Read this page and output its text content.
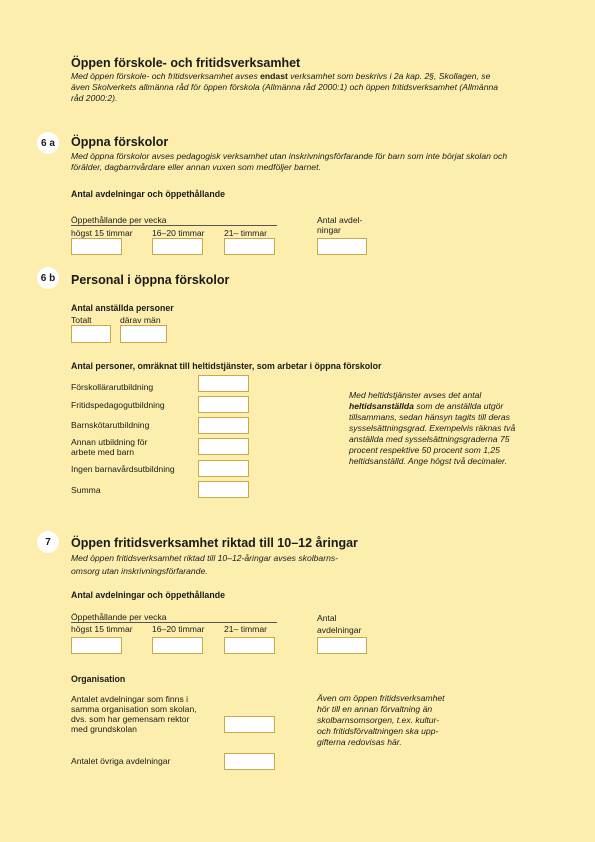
Öppen förskole- och fritidsverksamhet
Med öppen förskole- och fritidsverksamhet avses endast verksamhet som beskrivs i 2a kap. 2§, Skollagen, se även Skolverkets allmänna råd för öppen förskola (Allmänna råd 2000:1) och öppen fritidsverksamhet (Allmänna råd 2000:2).
6 a	Öppna förskolor
Med öppna förskolor avses pedagogisk verksamhet utan inskrivningsförfarande för barn som inte börjat skolan och förälder, dagbarnvårdare eller annan vuxen som medföljer barnet.
Antal avdelningar och öppethållande
Öppethållande per vecka
högst 15 timmar 16–20 timmar 21– timmar
Antal avdel-
ningar
6 b	Personal i öppna förskolor
Antal anställda personer
Totalt	därav män
Antal personer, omräknat till heltidstjänster, som arbetar i öppna förskolor
Förskollärarutbildning
Fritidspedagogutbildning
Barnskötarutbildning
Annan utbildning för
arbete med barn
Ingen barnavårdsutbildning
Summa
Med heltidstjänster avses det antal heltidsanställda som de anställda utgör tillsammans, sedan hänsyn tagits till deras sysselsättningsgrad. Exempelvis räknas två anställda med sysselsättningsgraderna 75 procent respektive 50 procent som 1,25 heltidsanställd. Ange högst två decimaler.
7	Öppen fritidsverksamhet riktad till 10–12 åringar
Med öppen fritidsverksamhet riktad till 10–12-åringar avses skolbarns-
omsorg utan inskrivningsförfarande.
Antal avdelningar och öppethållande
Öppethållande per vecka
högst 15 timmar 16–20 timmar 21– timmar
Antal
avdelningar
Organisation
Antalet avdelningar som finns i
samma organisation som skolan,
dvs. som har gemensam rektor
med grundskolan
Antalet övriga avdelningar
Även om öppen fritidsverksamhet
hör till en annan förvaltning än
skolbarnsomsorgen, t.ex. kultur-
och fritidsförvaltningen ska upp-
gifterna redovisas här.
